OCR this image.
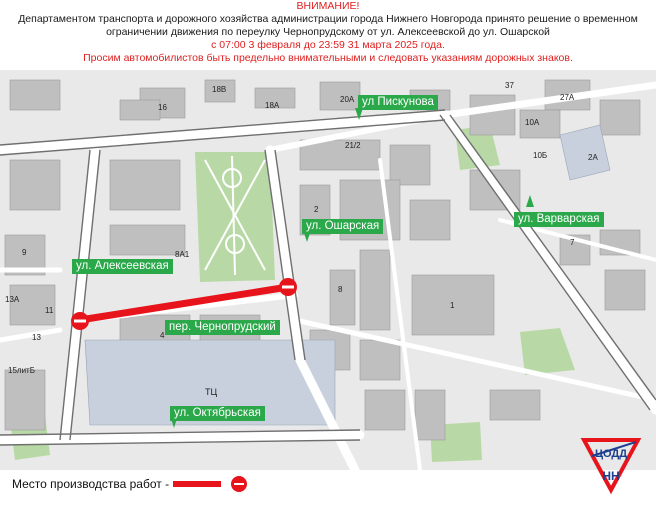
ВНИМАНИЕ!
Департаментом транспорта и дорожного хозяйства администрации города Нижнего Новгорода принято решение о временном
ограничении движения по переулку Чернопрудскому от ул. Алексеевской до ул. Ошарской
с 07:00 3 февраля до 23:59 31 марта 2025 года.
Просим автомобилистов быть предельно внимательными и следовать указаниям дорожных знаков.
16
18В
18А
20А
37
27А
10А
21/2
10Б	2А
2
7
1
8
8А1
9
11
13
13А
15литБ
4
ТЦ
ул Пискунова
ул. Ошарская
ул. Варварская
ул. Алексеевская
пер. Чернопрудский
ул. Октябрьская
Место производства работ -
ЦОДД
НН
